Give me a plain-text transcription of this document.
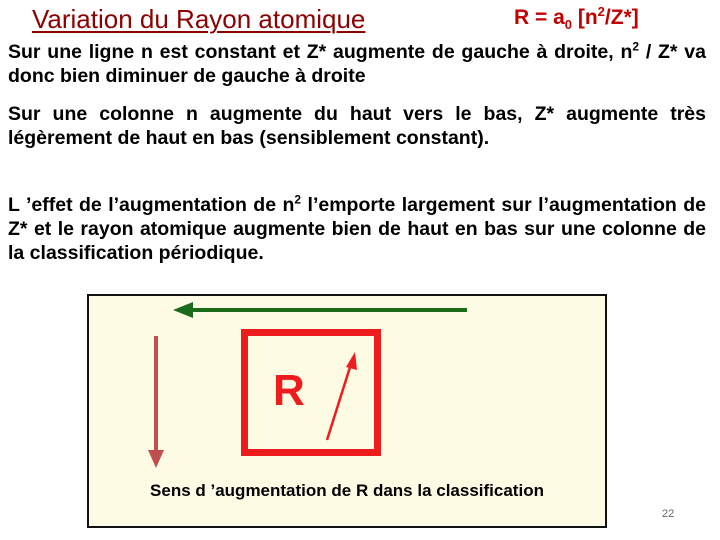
Variation du Rayon atomique	$R = a_0$ $[n^2/Z*]$
Sur une ligne n est constant et Z* augmente de gauche à droite, $n^2 / Z*$ va donc bien diminuer de gauche à droite
Sur une colonne n augmente du haut vers le bas, Z* augmente très légèrement de haut en bas (sensiblement constant).
L ’effet de l’augmentation de $n^2$ l’emporte largement sur l’augmentation de Z* et le rayon atomique augmente bien de haut en bas sur une colonne de la classification périodique.
R
Sens d ’augmentation de R dans la classification
22
